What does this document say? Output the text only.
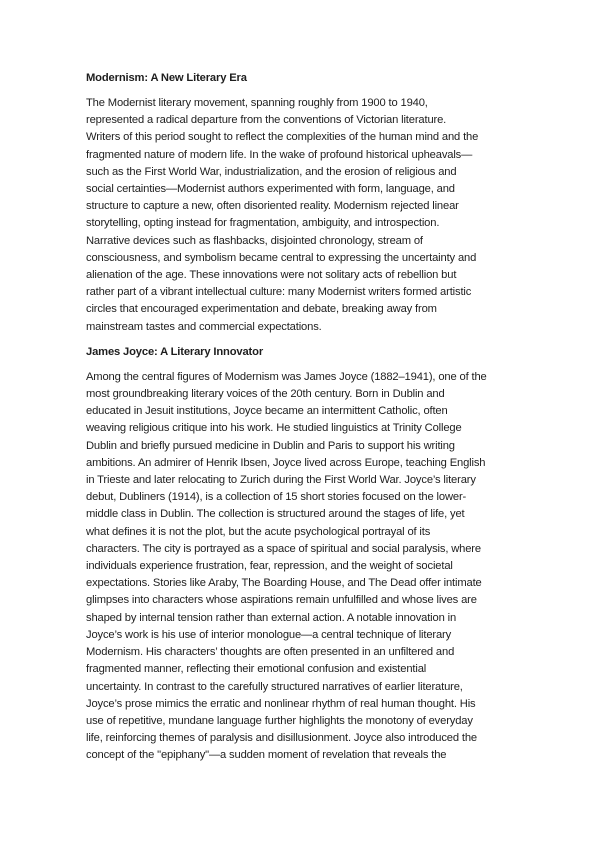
Modernism: A New Literary Era
The Modernist literary movement, spanning roughly from 1900 to 1940,
represented a radical departure from the conventions of Victorian literature.
Writers of this period sought to reflect the complexities of the human mind and the
fragmented nature of modern life. In the wake of profound historical upheavals—
such as the First World War, industrialization, and the erosion of religious and
social certainties—Modernist authors experimented with form, language, and
structure to capture a new, often disoriented reality. Modernism rejected linear
storytelling, opting instead for fragmentation, ambiguity, and introspection.
Narrative devices such as flashbacks, disjointed chronology, stream of
consciousness, and symbolism became central to expressing the uncertainty and
alienation of the age. These innovations were not solitary acts of rebellion but
rather part of a vibrant intellectual culture: many Modernist writers formed artistic
circles that encouraged experimentation and debate, breaking away from
mainstream tastes and commercial expectations.
James Joyce: A Literary Innovator
Among the central figures of Modernism was James Joyce (1882–1941), one of the
most groundbreaking literary voices of the 20th century. Born in Dublin and
educated in Jesuit institutions, Joyce became an intermittent Catholic, often
weaving religious critique into his work. He studied linguistics at Trinity College
Dublin and briefly pursued medicine in Dublin and Paris to support his writing
ambitions. An admirer of Henrik Ibsen, Joyce lived across Europe, teaching English
in Trieste and later relocating to Zurich during the First World War. Joyce’s literary
debut, Dubliners (1914), is a collection of 15 short stories focused on the lower-
middle class in Dublin. The collection is structured around the stages of life, yet
what defines it is not the plot, but the acute psychological portrayal of its
characters. The city is portrayed as a space of spiritual and social paralysis, where
individuals experience frustration, fear, repression, and the weight of societal
expectations. Stories like Araby, The Boarding House, and The Dead offer intimate
glimpses into characters whose aspirations remain unfulfilled and whose lives are
shaped by internal tension rather than external action. A notable innovation in
Joyce’s work is his use of interior monologue—a central technique of literary
Modernism. His characters’ thoughts are often presented in an unfiltered and
fragmented manner, reflecting their emotional confusion and existential
uncertainty. In contrast to the carefully structured narratives of earlier literature,
Joyce’s prose mimics the erratic and nonlinear rhythm of real human thought. His
use of repetitive, mundane language further highlights the monotony of everyday
life, reinforcing themes of paralysis and disillusionment. Joyce also introduced the
concept of the "epiphany"—a sudden moment of revelation that reveals the
